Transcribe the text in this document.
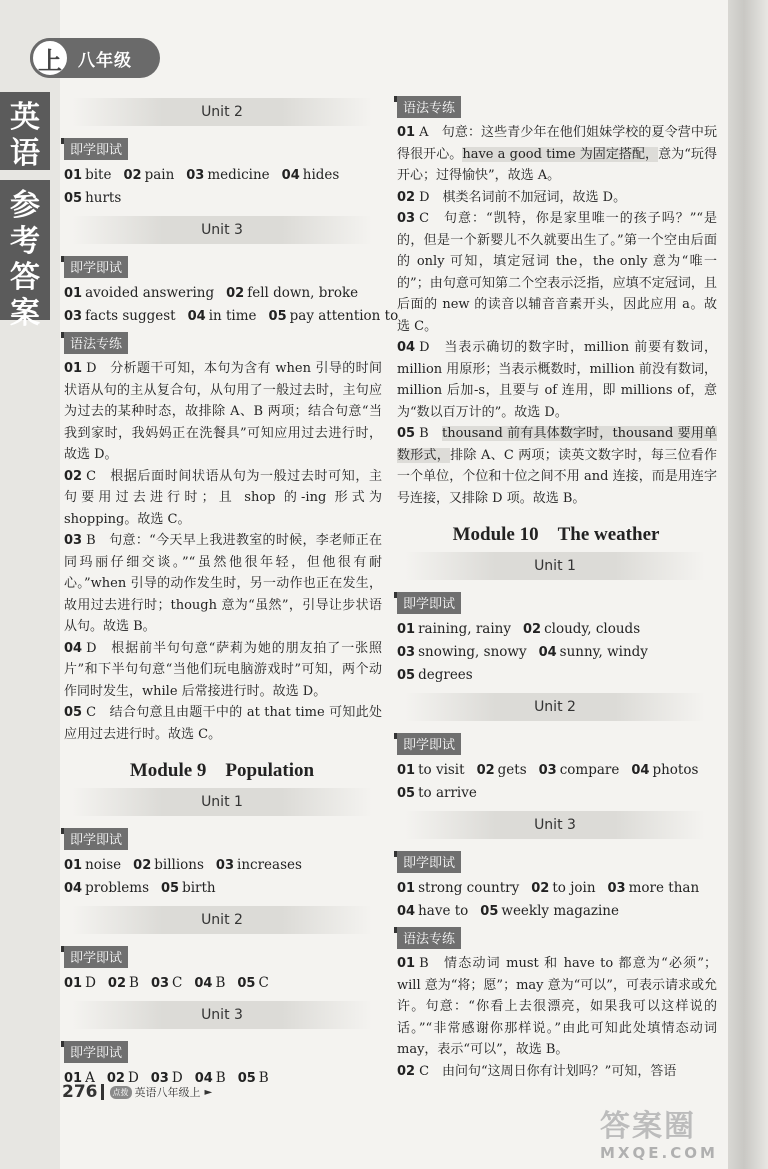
上 八年级
英
语
参
考
答
案
Unit 2
即学即试
01 bite 02 pain 03 medicine 04 hides
05 hurts
Unit 3
即学即试
01 avoided answering 02 fell down, broke
03 facts suggest 04 in time 05 pay attention to
语法专练
01 D　分析题干可知，本句为含有 when 引导的时间状语从句的主从复合句，从句用了一般过去时，主句应为过去的某种时态，故排除 A、B 两项；结合句意“当我到家时，我妈妈正在洗餐具”可知应用过去进行时，故选 D。
02 C　根据后面时间状语从句为一般过去时可知，主句要用过去进行时；且 shop 的-ing 形式为 shopping。故选 C。
03 B　句意：“今天早上我进教室的时候，李老师正在同玛丽仔细交谈。”“虽然他很年轻，但他很有耐心。”when 引导的动作发生时，另一动作也正在发生，故用过去进行时；though 意为“虽然”，引导让步状语从句。故选 B。
04 D　根据前半句句意“萨莉为她的朋友拍了一张照片”和下半句句意“当他们玩电脑游戏时”可知，两个动作同时发生，while 后常接进行时。故选 D。
05 C　结合句意且由题干中的 at that time 可知此处应用过去进行时。故选 C。
Module 9　Population
Unit 1
即学即试
01 noise 02 billions 03 increases
04 problems 05 birth
Unit 2
即学即试
01 D 02 B 03 C 04 B 05 C
Unit 3
即学即试
01 A 02 D 03 D 04 B 05 B
语法专练
01 A　句意：这些青少年在他们姐妹学校的夏令营中玩得很开心。have a good time 为固定搭配，意为“玩得开心；过得愉快”，故选 A。
02 D　棋类名词前不加冠词，故选 D。
03 C　句意：“凯特，你是家里唯一的孩子吗？”“是的，但是一个新婴儿不久就要出生了。”第一个空由后面的 only 可知，填定冠词 the，the only 意为“唯一的”；由句意可知第二个空表示泛指，应填不定冠词，且后面的 new 的读音以辅音音素开头，因此应用 a。故选 C。
04 D　当表示确切的数字时，million 前要有数词，million 用原形；当表示概数时，million 前没有数词，million 后加-s，且要与 of 连用，即 millions of，意为“数以百万计的”。故选 D。
05 B　thousand 前有具体数字时，thousand 要用单数形式，排除 A、C 两项；读英文数字时，每三位看作一个单位，个位和十位之间不用 and 连接，而是用连字号连接，又排除 D 项。故选 B。
Module 10　The weather
Unit 1
即学即试
01 raining, rainy 02 cloudy, clouds
03 snowing, snowy 04 sunny, windy
05 degrees
Unit 2
即学即试
01 to visit 02 gets 03 compare 04 photos
05 to arrive
Unit 3
即学即试
01 strong country 02 to join 03 more than
04 have to 05 weekly magazine
语法专练
01 B　情态动词 must 和 have to 都意为“必须”；will 意为“将；愿”；may 意为“可以”，可表示请求或允许。句意：“你看上去很漂亮，如果我可以这样说的话。”“非常感谢你那样说。”由此可知此处填情态动词 may，表示“可以”，故选 B。
02 C　由问句“这周日你有计划吗？”可知，答语
276	点拨 英语八年级上 ►
答案圈
MXQE.COM
